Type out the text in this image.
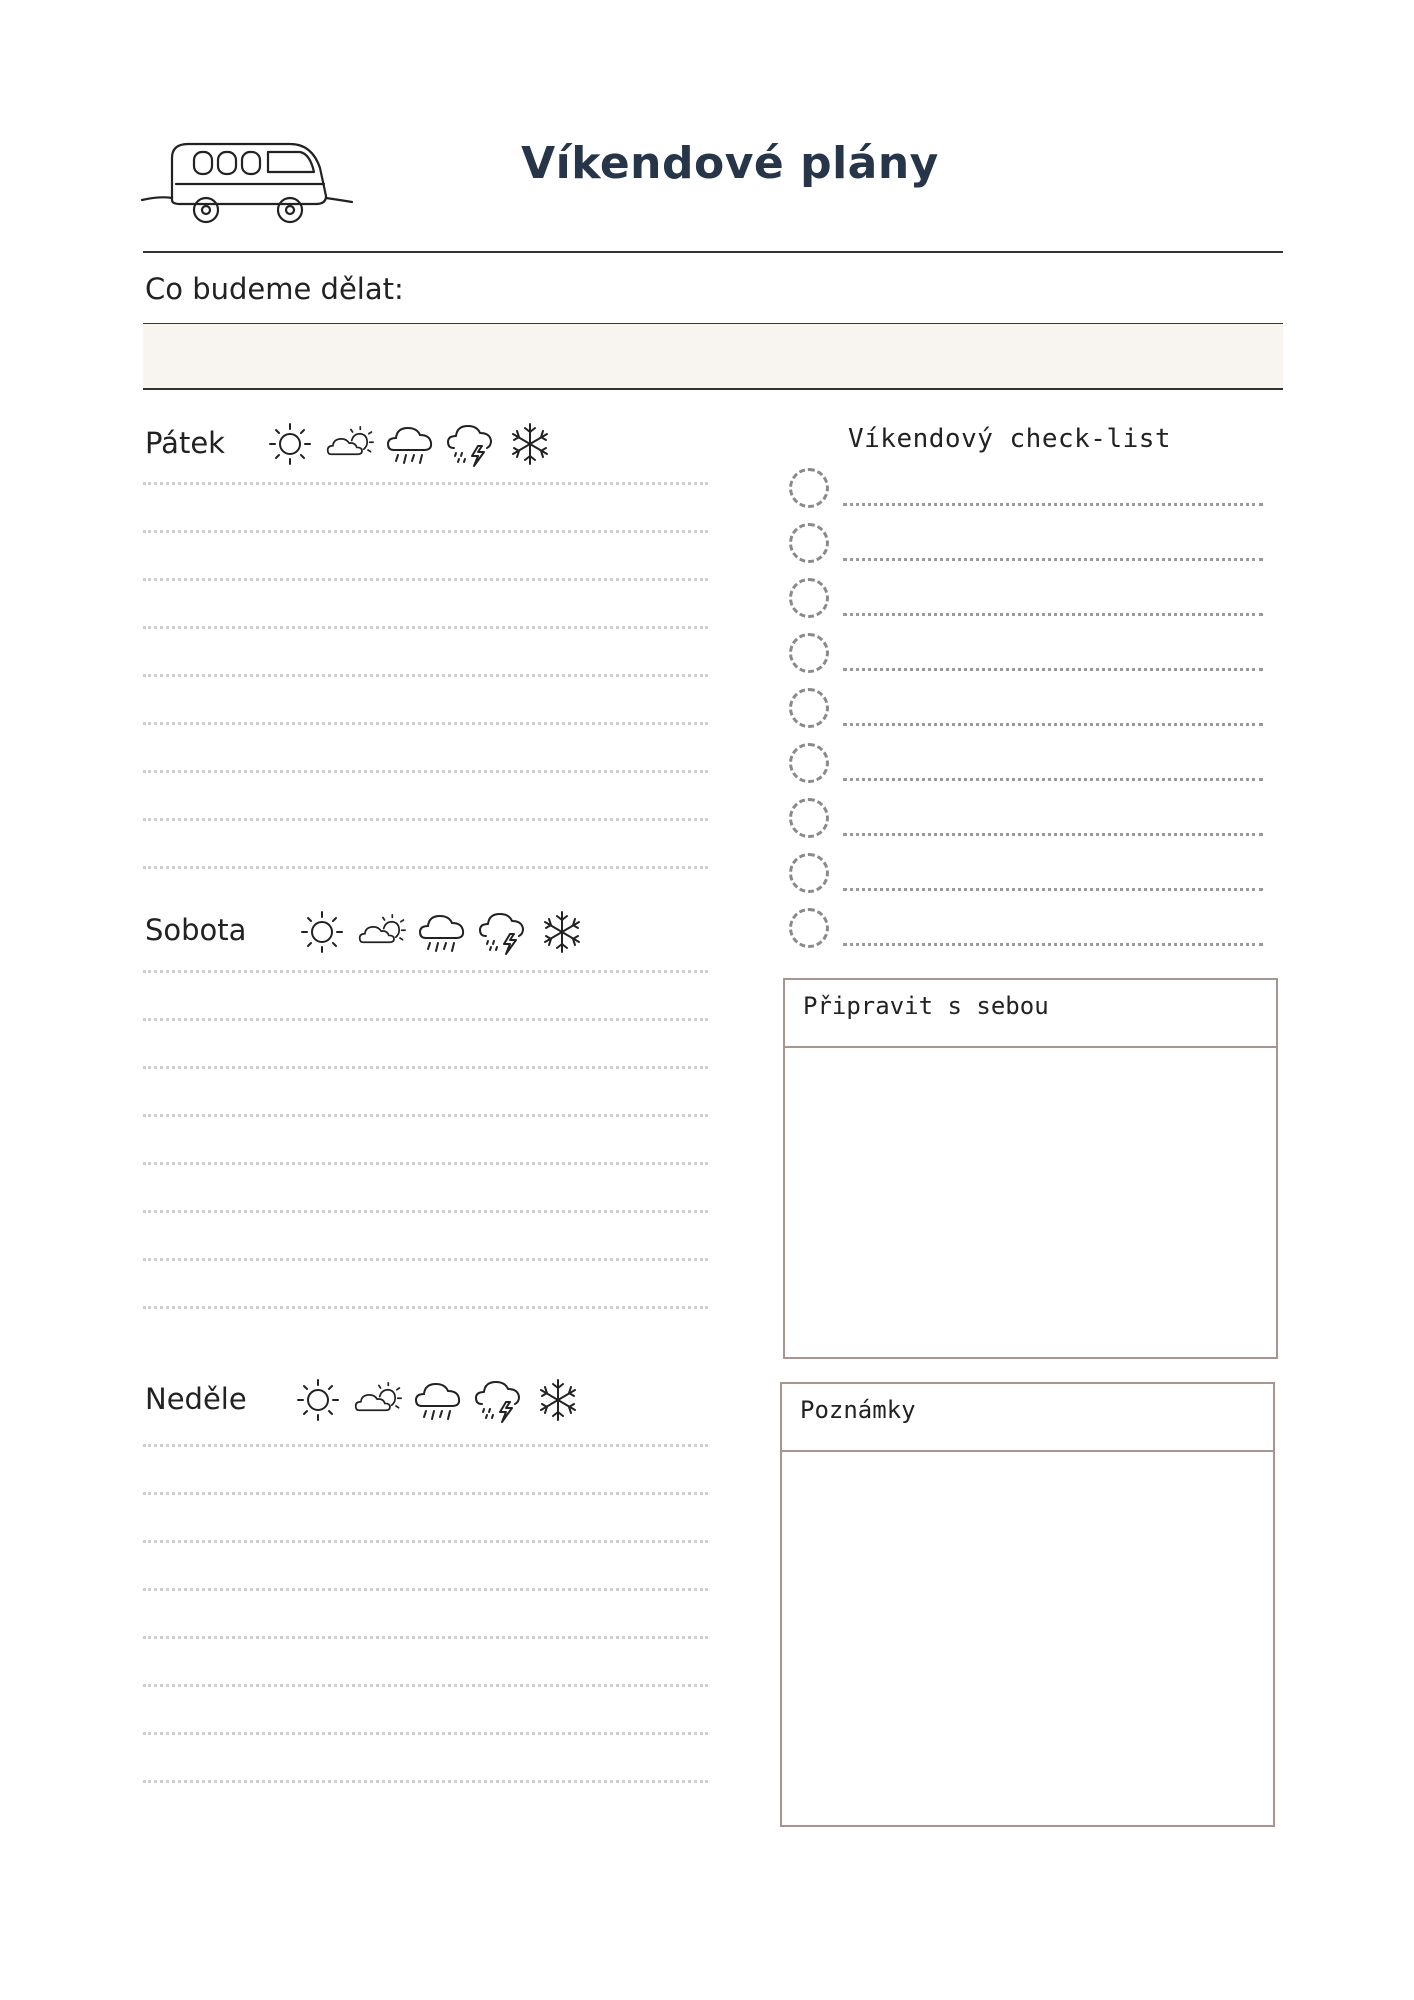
Víkendové plány
Co budeme dělat:
Pátek
Sobota
Neděle
Víkendový check-list
Připravit s sebou
Poznámky
